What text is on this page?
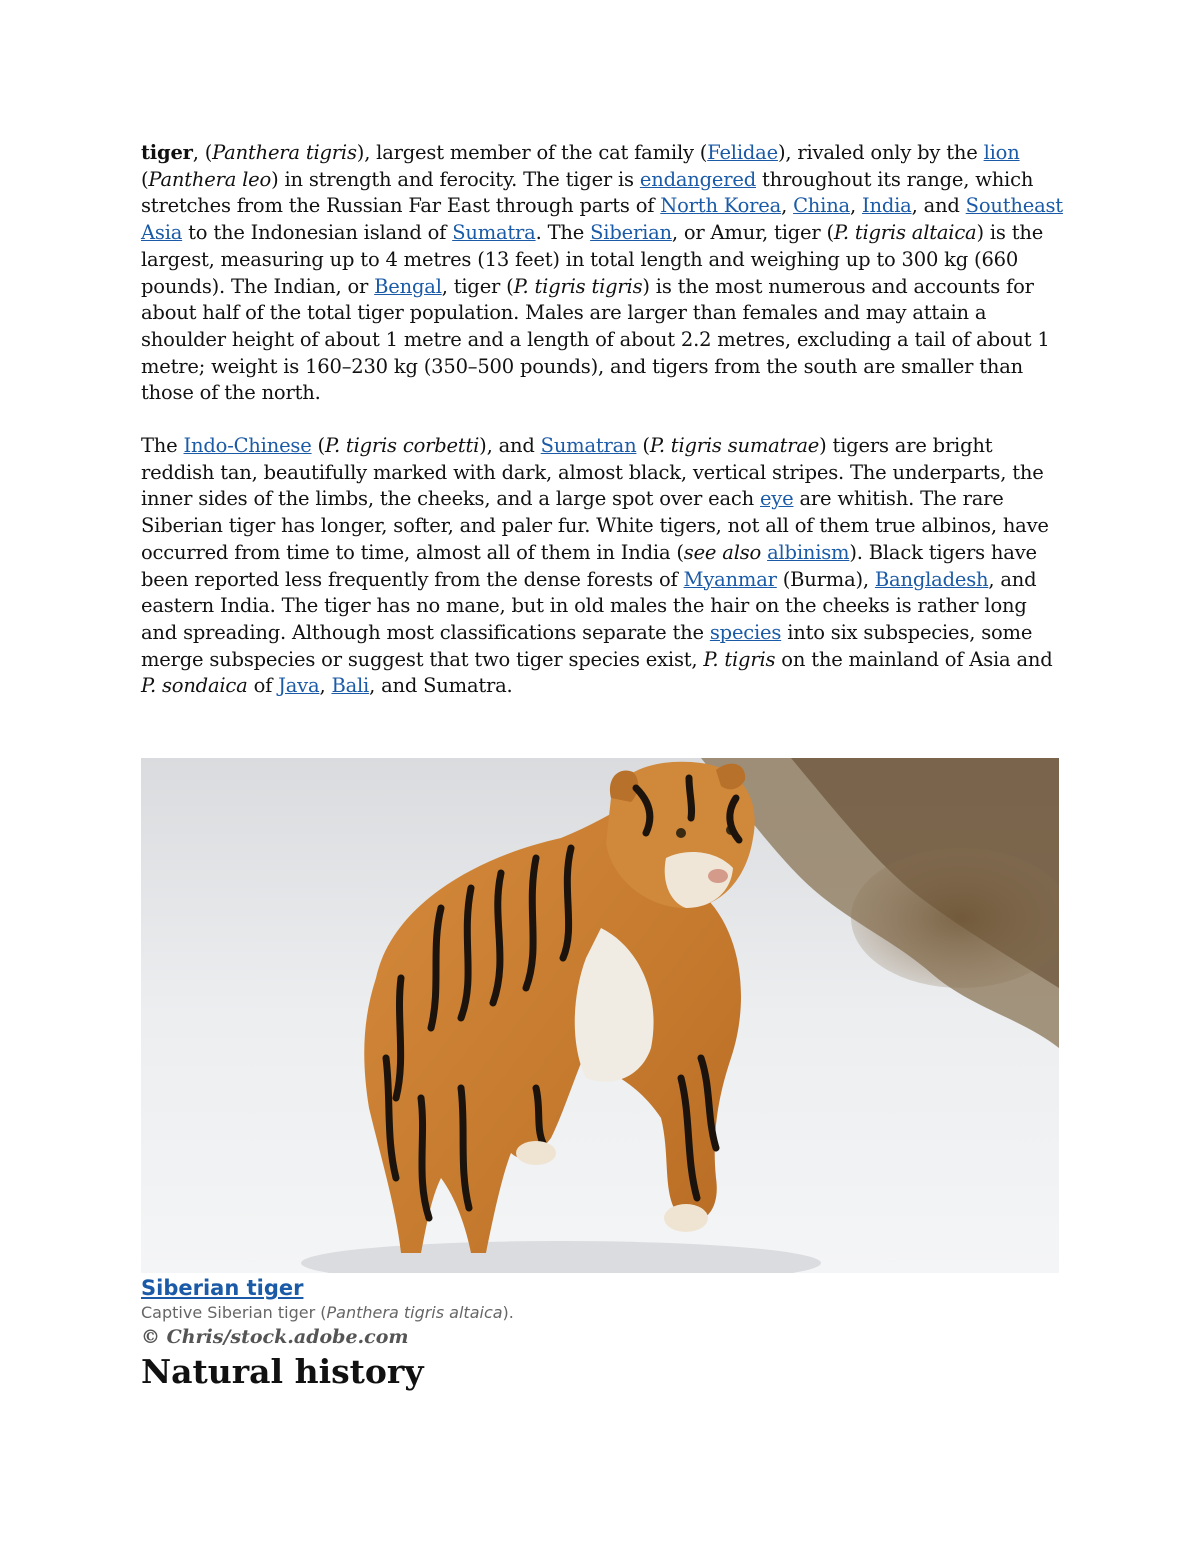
tiger, (Panthera tigris), largest member of the cat family (Felidae), rivaled only by the lion (Panthera leo) in strength and ferocity. The tiger is endangered throughout its range, which stretches from the Russian Far East through parts of North Korea, China, India, and Southeast Asia to the Indonesian island of Sumatra. The Siberian, or Amur, tiger (P. tigris altaica) is the largest, measuring up to 4 metres (13 feet) in total length and weighing up to 300 kg (660 pounds). The Indian, or Bengal, tiger (P. tigris tigris) is the most numerous and accounts for about half of the total tiger population. Males are larger than females and may attain a shoulder height of about 1 metre and a length of about 2.2 metres, excluding a tail of about 1 metre; weight is 160–230 kg (350–500 pounds), and tigers from the south are smaller than those of the north.

The Indo-Chinese (P. tigris corbetti), and Sumatran (P. tigris sumatrae) tigers are bright reddish tan, beautifully marked with dark, almost black, vertical stripes. The underparts, the inner sides of the limbs, the cheeks, and a large spot over each eye are whitish. The rare Siberian tiger has longer, softer, and paler fur. White tigers, not all of them true albinos, have occurred from time to time, almost all of them in India (see also albinism). Black tigers have been reported less frequently from the dense forests of Myanmar (Burma), Bangladesh, and eastern India. The tiger has no mane, but in old males the hair on the cheeks is rather long and spreading. Although most classifications separate the species into six subspecies, some merge subspecies or suggest that two tiger species exist, P. tigris on the mainland of Asia and P. sondaica of Java, Bali, and Sumatra.

Siberian tiger

Captive Siberian tiger (Panthera tigris altaica).

© Chris/stock.adobe.com

Natural history
